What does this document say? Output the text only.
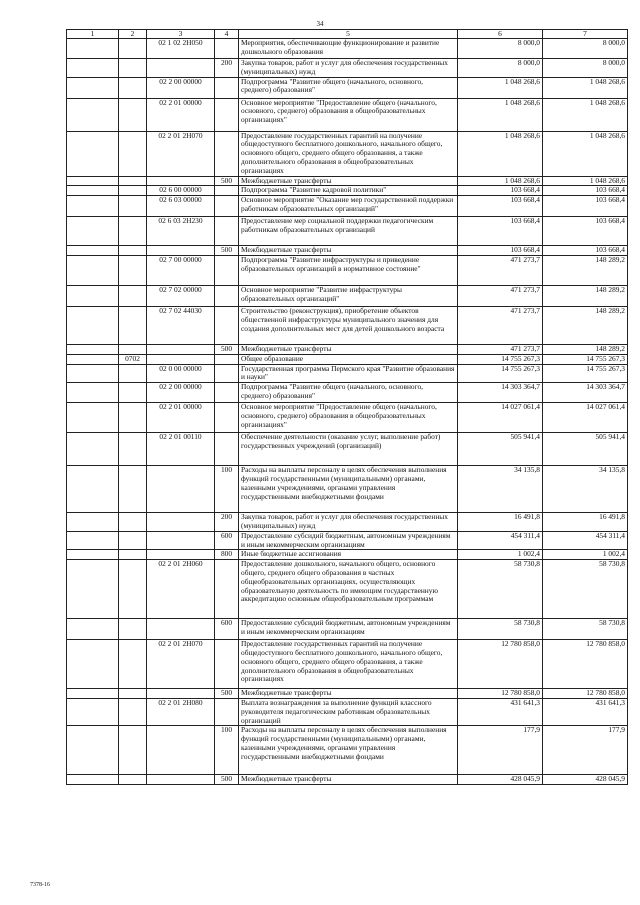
34
1	2	3	4	5	6	7
		02 1 02 2Н050		Мероприятия, обеспечивающие функционирование и развитие дошкольного образования	8 000,0	8 000,0
			200	Закупка товаров, работ и услуг для обеспечения государственных (муниципальных) нужд	8 000,0	8 000,0
		02 2 00 00000		Подпрограмма "Развитие общего (начального, основного, среднего) образования"	1 048 268,6	1 048 268,6
		02 2 01 00000		Основное мероприятие "Предоставление общего (начального, основного, среднего) образования в общеобразовательных организациях"	1 048 268,6	1 048 268,6
		02 2 01 2Н070		Предоставление государственных гарантий на получение общедоступного бесплатного дошкольного, начального общего, основного общего, среднего общего образования, а также дополнительного образования в общеобразовательных организациях	1 048 268,6	1 048 268,6
			500	Межбюджетные трансферты	1 048 268,6	1 048 268,6
		02 6 00 00000		Подпрограмма "Развитие кадровой политики"	103 668,4	103 668,4
		02 6 03 00000		Основное мероприятие "Оказание мер государственной поддержки работникам образовательных организаций"	103 668,4	103 668,4
		02 6 03 2Н230		Предоставление мер социальной поддержки педагогическим работникам образовательных организаций	103 668,4	103 668,4
			500	Межбюджетные трансферты	103 668,4	103 668,4
		02 7 00 00000		Подпрограмма "Развитие инфраструктуры и приведение образовательных организаций в нормативное состояние"	471 273,7	148 289,2
		02 7 02 00000		Основное мероприятие "Развитие инфраструктуры образовательных организаций"	471 273,7	148 289,2
		02 7 02 44030		Строительство (реконструкция), приобретение объектов общественной инфраструктуры муниципального значения для создания дополнительных мест для детей дошкольного возраста	471 273,7	148 289,2
			500	Межбюджетные трансферты	471 273,7	148 289,2
	0702			Общее образование	14 755 267,3	14 755 267,3
		02 0 00 00000		Государственная программа Пермского края "Развитие образования и науки"	14 755 267,3	14 755 267,3
		02 2 00 00000		Подпрограмма "Развитие общего (начального, основного, среднего) образования"	14 303 364,7	14 303 364,7
		02 2 01 00000		Основное мероприятие "Предоставление общего (начального, основного, среднего) образования в общеобразовательных организациях"	14 027 061,4	14 027 061,4
		02 2 01 00110		Обеспечение деятельности (оказание услуг, выполнение работ) государственных учреждений (организаций)	505 941,4	505 941,4
			100	Расходы на выплаты персоналу в целях обеспечения выполнения функций государственными (муниципальными) органами, казенными учреждениями, органами управления государственными внебюджетными фондами	34 135,8	34 135,8
			200	Закупка товаров, работ и услуг для обеспечения государственных (муниципальных) нужд	16 491,8	16 491,8
			600	Предоставление субсидий бюджетным, автономным учреждениям и иным некоммерческим организациям	454 311,4	454 311,4
			800	Иные бюджетные ассигнования	1 002,4	1 002,4
		02 2 01 2Н060		Предоставление дошкольного, начального общего, основного общего, среднего общего образования в частных общеобразовательных организациях, осуществляющих образовательную деятельность по имеющим государственную аккредитацию основным общеобразовательным программам	58 730,8	58 730,8
			600	Предоставление субсидий бюджетным, автономным учреждениям и иным некоммерческим организациям	58 730,8	58 730,8
		02 2 01 2Н070		Предоставление государственных гарантий на получение общедоступного бесплатного дошкольного, начального общего, основного общего, среднего общего образования, а также дополнительного образования в общеобразовательных организациях	12 780 858,0	12 780 858,0
			500	Межбюджетные трансферты	12 780 858,0	12 780 858,0
		02 2 01 2Н080		Выплата вознаграждения за выполнение функций классного руководителя педагогическим работникам образовательных организаций	431 641,3	431 641,3
			100	Расходы на выплаты персоналу в целях обеспечения выполнения функций государственными (муниципальными) органами, казенными учреждениями, органами управления государственными внебюджетными фондами	177,9	177,9
			500	Межбюджетные трансферты	428 045,9	428 045,9
7378-16
